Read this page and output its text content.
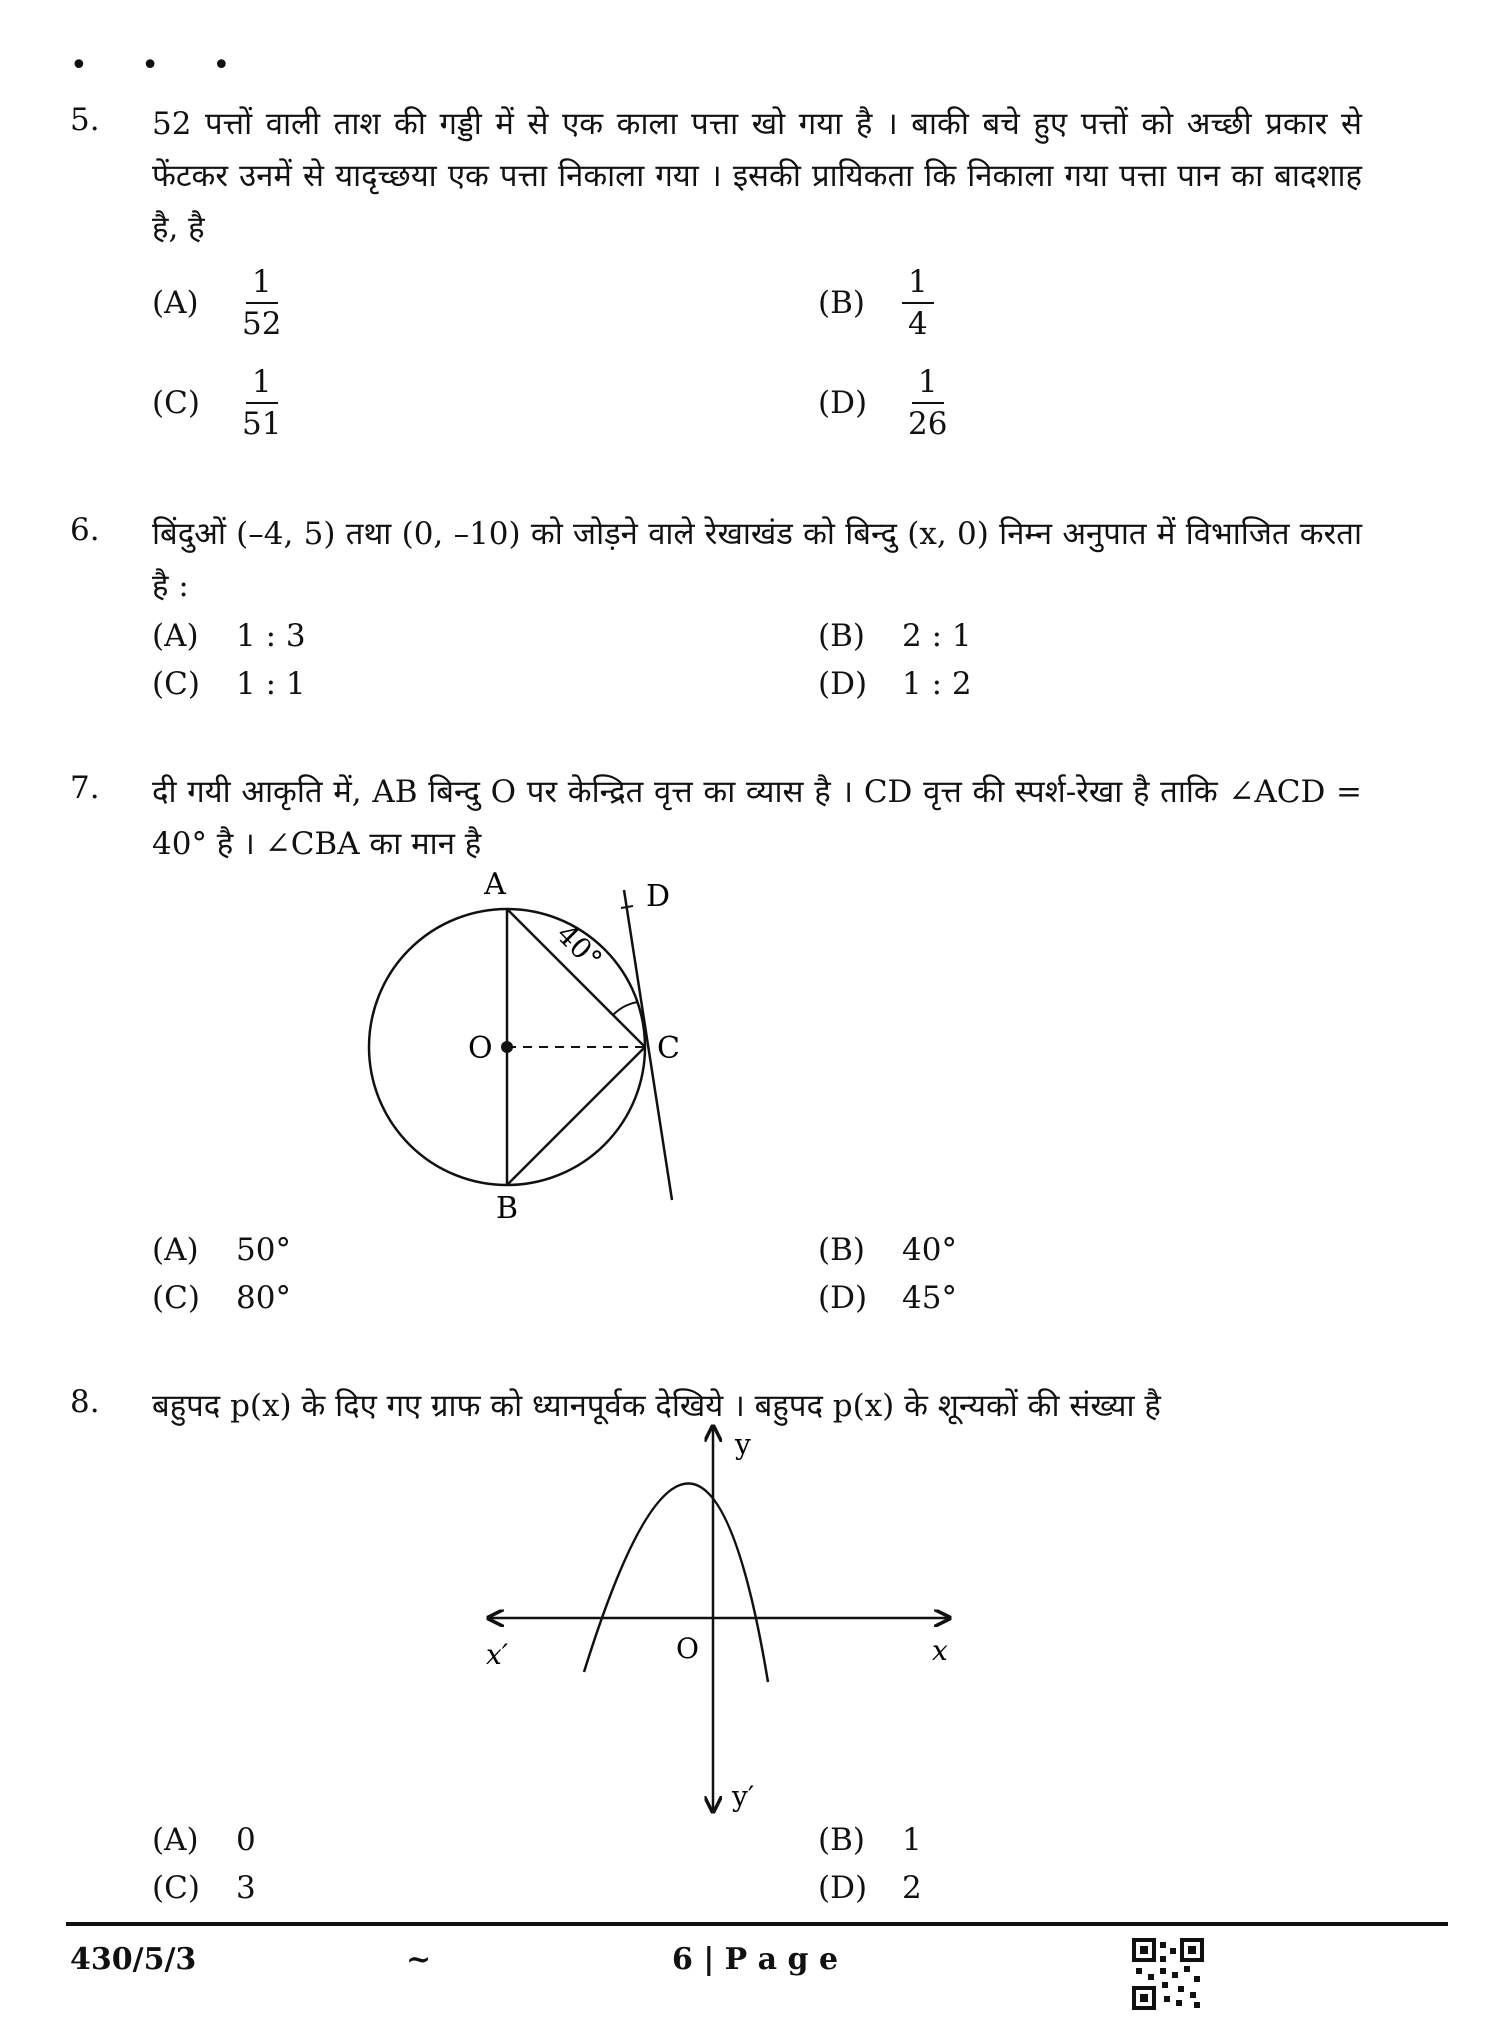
• • •
5. 52 पत्तों वाली ताश की गड्डी में से एक काला पत्ता खो गया है । बाकी बचे हुए पत्तों को अच्छी प्रकार से फेंटकर उनमें से यादृच्छया एक पत्ता निकाला गया । इसकी प्रायिकता कि निकाला गया पत्ता पान का बादशाह है, है
(A)	$\frac{1}{52}$	(B)	$\frac{1}{4}$
(C)	$\frac{1}{51}$	(D)	$\frac{1}{26}$
6. बिंदुओं (–4, 5) तथा (0, –10) को जोड़ने वाले रेखाखंड को बिन्दु (x, 0) निम्न अनुपात में विभाजित करता है :
(A)	1 : 3	(B)	2 : 1
(C)	1 : 1	(D)	1 : 2
7. दी गयी आकृति में, AB बिन्दु O पर केन्द्रित वृत्त का व्यास है । CD वृत्त की स्पर्श-रेखा है ताकि ∠ACD = 40° है । ∠CBA का मान है
A
B
C
D
O
40°
(A)	50°	(B)	40°
(C)	80°	(D)	45°
8. बहुपद p(x) के दिए गए ग्राफ को ध्यानपूर्वक देखिये । बहुपद p(x) के शून्यकों की संख्या है
y
y′
x
x′	O
(A)	0	(B)	1
(C)	3	(D)	2
430/5/3	~	6 | P a g e
